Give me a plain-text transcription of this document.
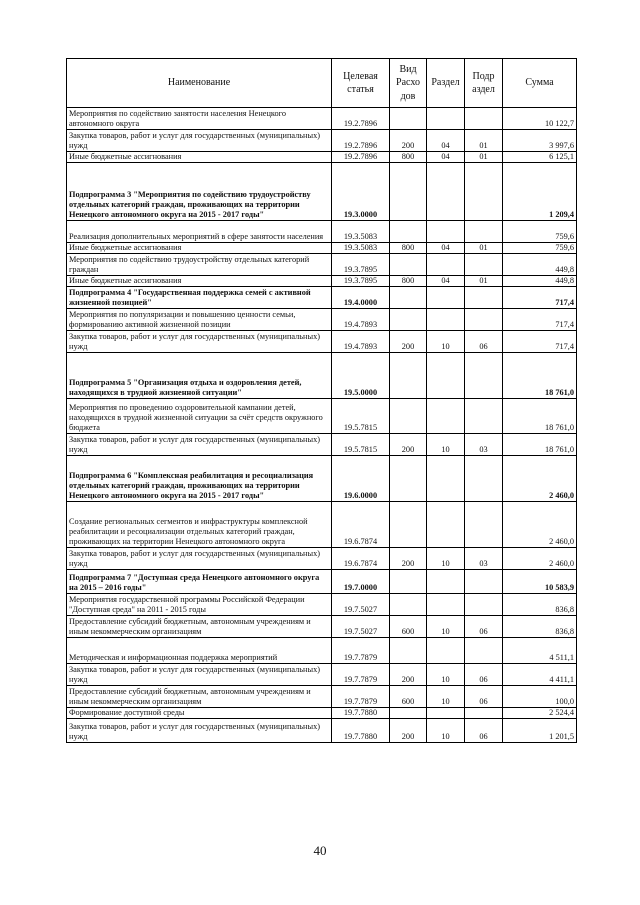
Наименование	Целевая статья	Вид Расхо дов	Раздел	Подр аздел	Сумма
Мероприятия по содействию занятости населения Ненецкого автономного округа	19.2.7896				10 122,7
Закупка товаров, работ и услуг для государственных (муниципальных) нужд	19.2.7896	200	04	01	3 997,6
Иные бюджетные ассигнования	19.2.7896	800	04	01	6 125,1
Подпрограмма 3 "Мероприятия по содействию трудоустройству отдельных категорий граждан, проживающих на территории Ненецкого автономного округа на 2015 - 2017 годы"	19.3.0000				1 209,4
Реализация дополнительных мероприятий в сфере занятости населения	19.3.5083				759,6
Иные бюджетные ассигнования	19.3.5083	800	04	01	759,6
Мероприятия по содействию трудоустройству отдельных категорий граждан	19.3.7895				449,8
Иные бюджетные ассигнования	19.3.7895	800	04	01	449,8
Подпрограмма 4 "Государственная поддержка семей с активной жизненной позицией"	19.4.0000				717,4
Мероприятия по популяризации и повышению ценности семьи, формированию активной жизненной позиции	19.4.7893				717,4
Закупка товаров, работ и услуг для государственных (муниципальных) нужд	19.4.7893	200	10	06	717,4
Подпрограмма 5 "Организация отдыха и оздоровления детей, находящихся в трудной жизненной ситуации"	19.5.0000				18 761,0
Мероприятия по проведению оздоровительной кампании детей, находящихся в трудной жизненной ситуации за счёт средств окружного бюджета	19.5.7815				18 761,0
Закупка товаров, работ и услуг для государственных (муниципальных) нужд	19.5.7815	200	10	03	18 761,0
Подпрограмма 6 "Комплексная реабилитация и ресоциализация отдельных категорий граждан, проживающих на территории Ненецкого автономного округа на 2015 - 2017 годы"	19.6.0000				2 460,0
Создание региональных сегментов и инфраструктуры комплексной реабилитации и ресоциализации отдельных категорий граждан, проживающих на территории Ненецкого автономного округа	19.6.7874				2 460,0
Закупка товаров, работ и услуг для государственных (муниципальных) нужд	19.6.7874	200	10	03	2 460,0
Подпрограмма 7 "Доступная среда Ненецкого автономного округа на 2015 – 2016 годы"	19.7.0000				10 583,9
Мероприятия государственной программы Российской Федерации "Доступная среда" на 2011 - 2015 годы	19.7.5027				836,8
Предоставление субсидий бюджетным, автономным учреждениям и иным некоммерческим организациям	19.7.5027	600	10	06	836,8
Методическая и информационная поддержка мероприятий	19.7.7879				4 511,1
Закупка товаров, работ и услуг для государственных (муниципальных) нужд	19.7.7879	200	10	06	4 411,1
Предоставление субсидий бюджетным, автономным учреждениям и иным некоммерческим организациям	19.7.7879	600	10	06	100,0
Формирование доступной среды	19.7.7880				2 524,4
Закупка товаров, работ и услуг для государственных (муниципальных) нужд	19.7.7880	200	10	06	1 201,5
40
